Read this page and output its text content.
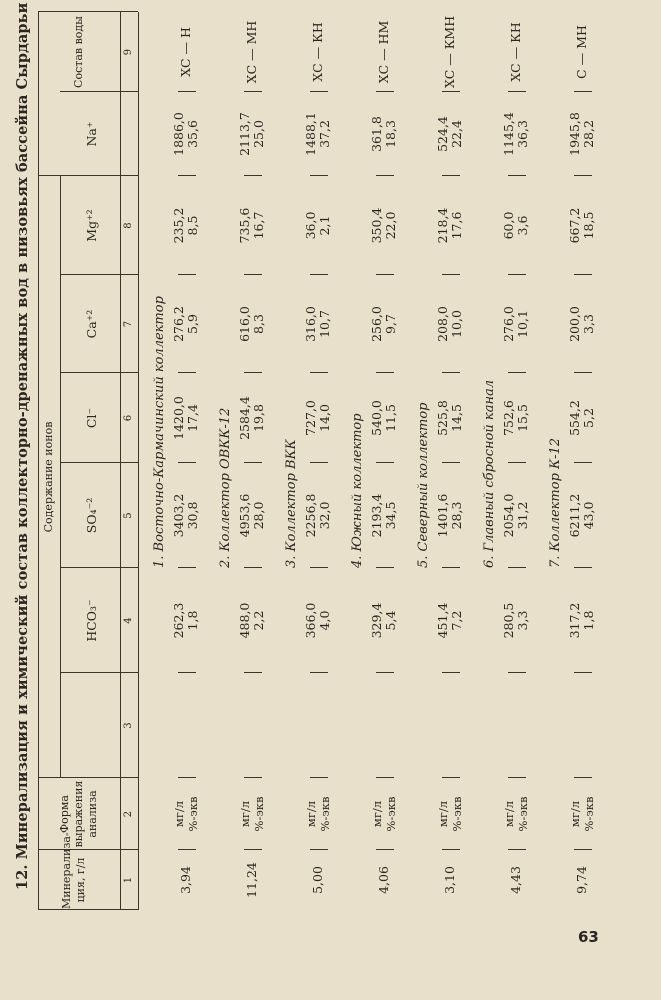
12. Минерализация и химический состав коллекторно-дренажных вод в низовьях бассейна Сырдарьи	Минерализа- ция, г/л
Форма выражения анализа
Содержание ионов
HCO₃⁻
SO₄⁻²
Cl⁻
Ca⁺²
Mg⁺²
Na⁺
Состав воды
1
2
3
4
5
6
7
8
9
1. Восточно-Кармачинский коллектор
3,94
мг/л %-экв
262,3 1,8
3403,2 30,8
1420,0 17,4
276,2 5,9
235,2 8,5
1886,0 35,6
ХС — Н
2. Коллектор ОВКК-12
11,24
мг/л %-экв
488,0 2,2
4953,6 28,0
2584,4 19,8
616,0 8,3
735,6 16,7
2113,7 25,0
ХС — МН
3. Коллектор ВКК
5,00
мг/л %-экв
366,0 4,0
2256,8 32,0
727,0 14,0
316,0 10,7
36,0 2,1
1488,1 37,2
ХС — КН
4. Южный коллектор
4,06
мг/л %-экв
329,4 5,4
2193,4 34,5
540,0 11,5
256,0 9,7
350,4 22,0
361,8 18,3
ХС — НМ
5. Северный коллектор
3,10
мг/л %-экв
451,4 7,2
1401,6 28,3
525,8 14,5
208,0 10,0
218,4 17,6
524,4 22,4
ХС — КМН
6. Главный сбросной канал
4,43
мг/л %-экв
280,5 3,3
2054,0 31,2
752,6 15,5
276,0 10,1
60,0 3,6
1145,4 36,3
ХС — КН
7. Коллектор К-12
9,74
мг/л %-экв
317,2 1,8
6211,2 43,0
554,2 5,2
200,0 3,3
667,2 18,5
1945,8 28,2
С — МН
63
